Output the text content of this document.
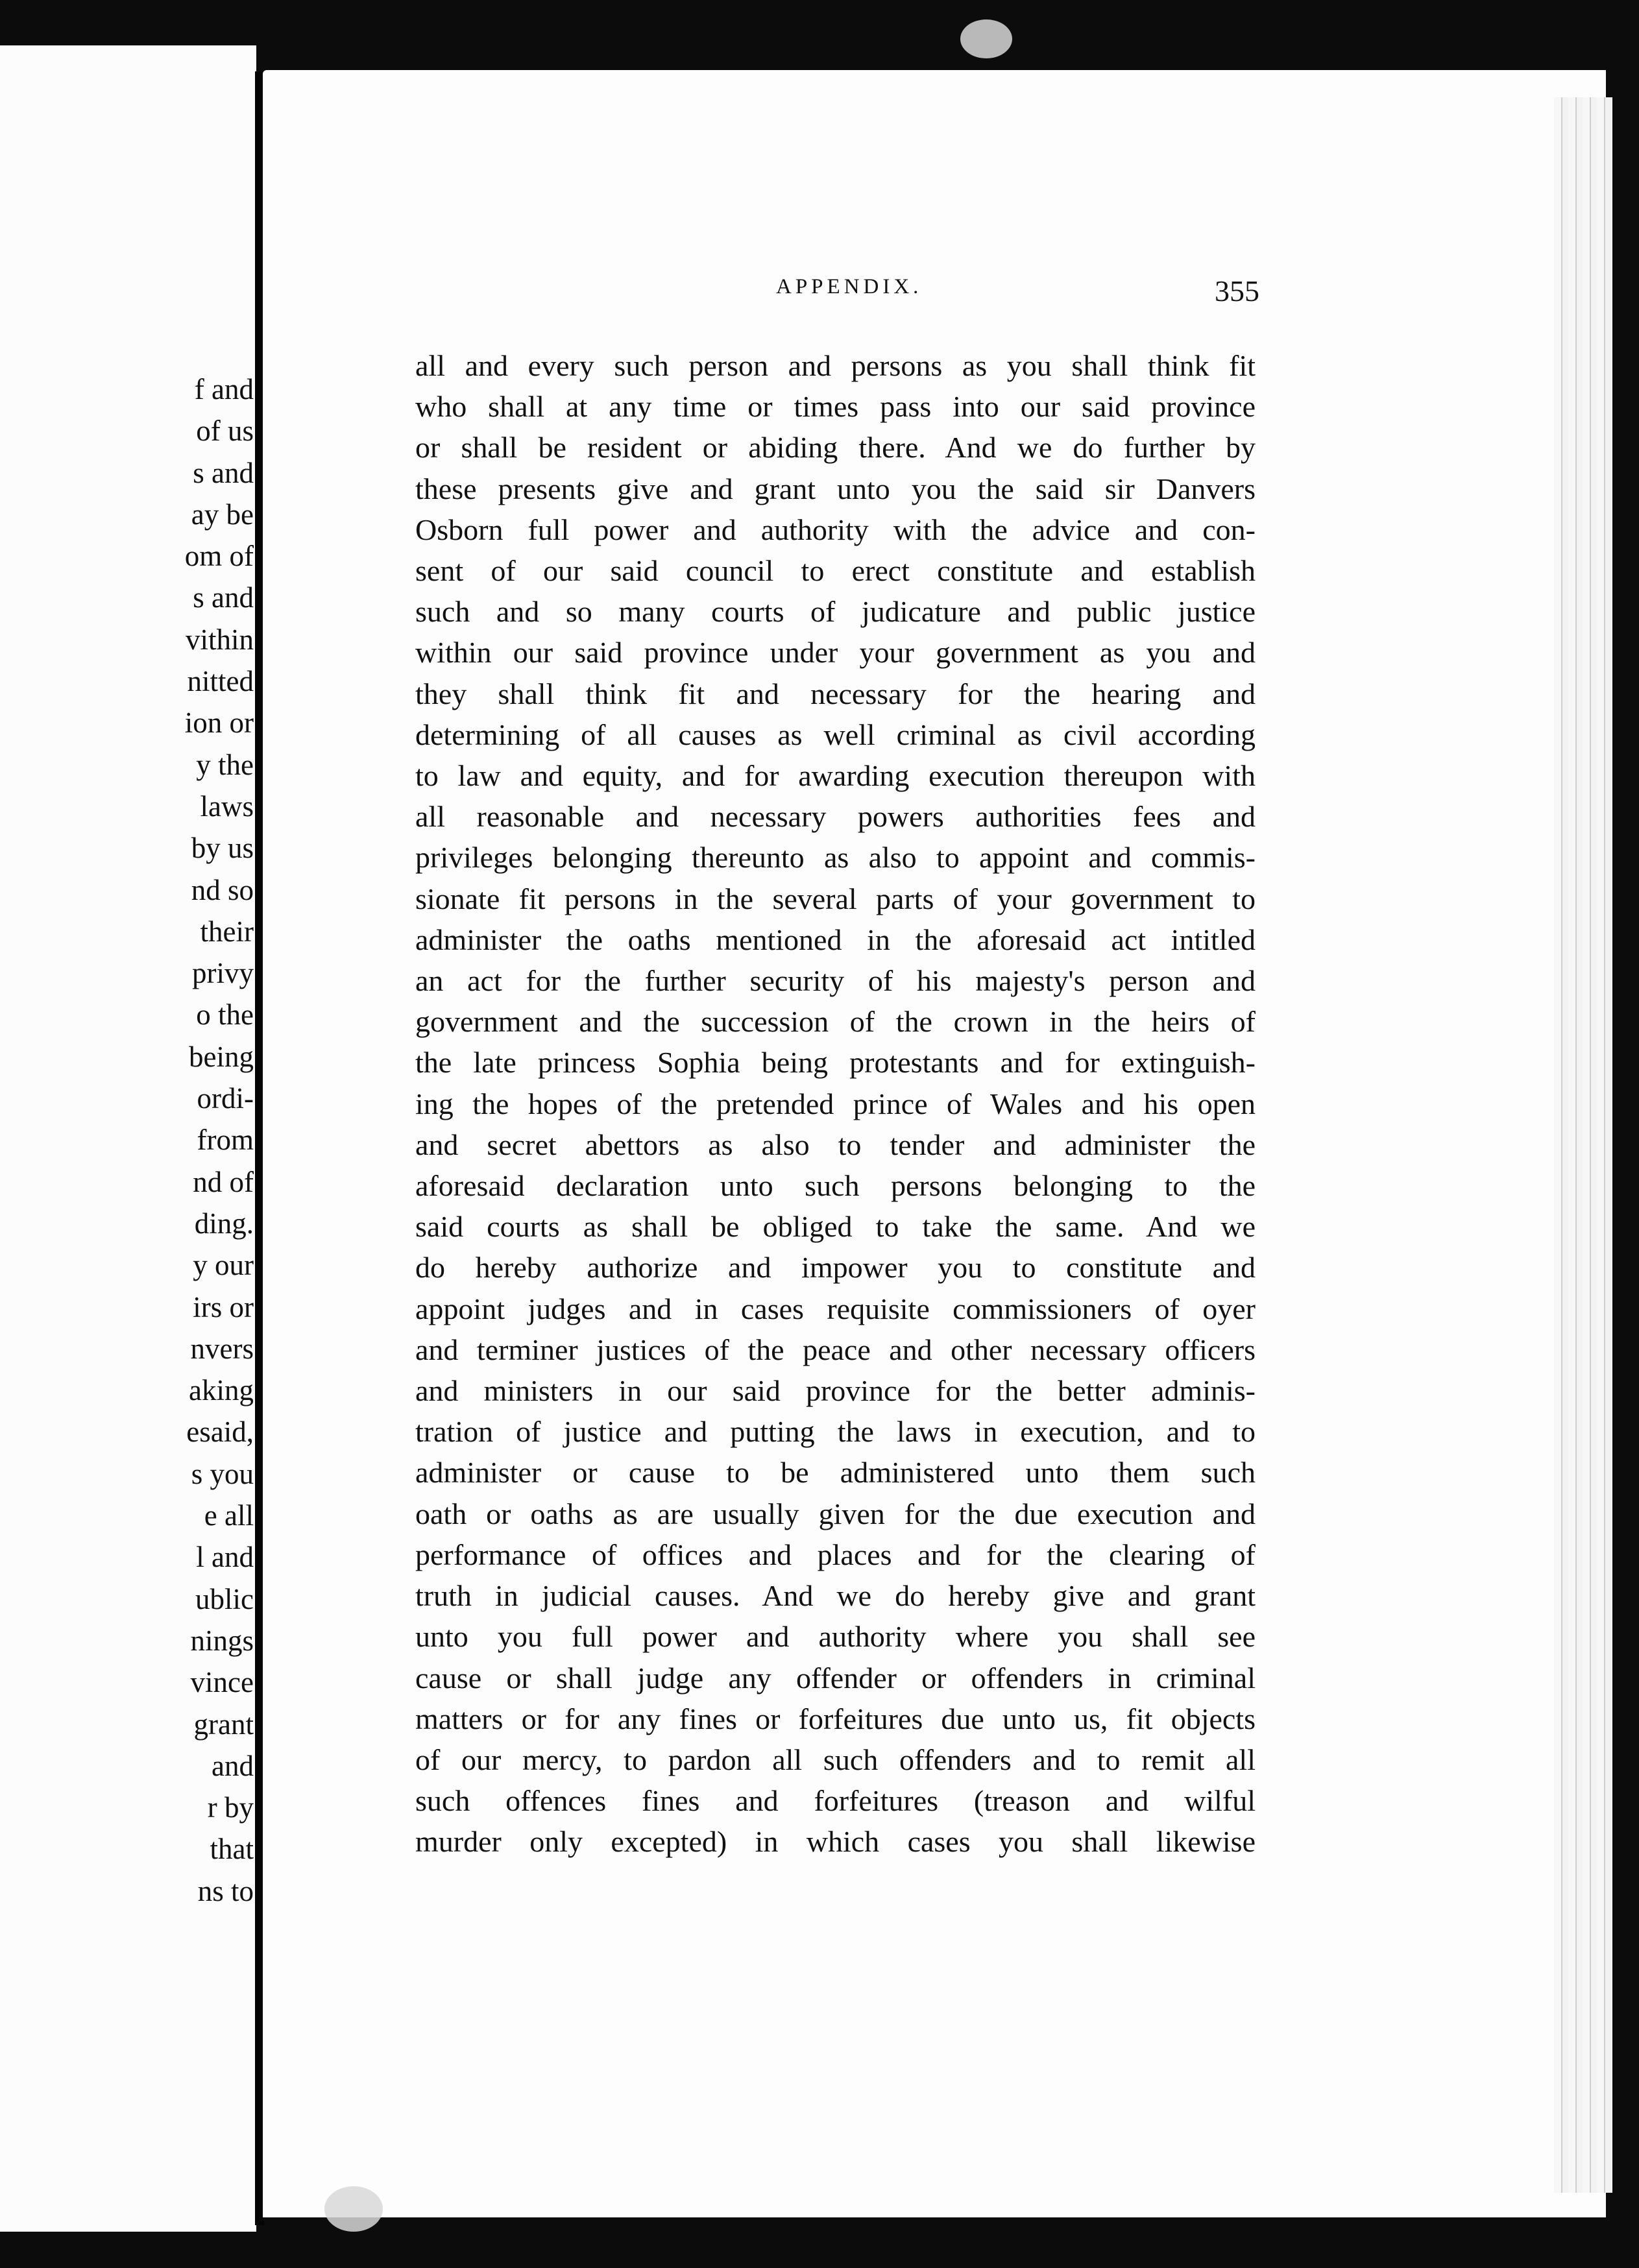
f and
of us
s and
ay be
om of
s and
vithin
nitted
ion or
y the
laws
by us
nd so
their
privy
o the
being
ordi-
from
nd of
ding.
y our
irs or
nvers
aking
esaid,
s you
e all
l and
ublic
nings
vince
grant
and
r by
that
ns to
APPENDIX.	355
all and every such person and persons as you shall think fit
who shall at any time or times pass into our said province
or shall be resident or abiding there. And we do further by
these presents give and grant unto you the said sir Danvers
Osborn full power and authority with the advice and con-
sent of our said council to erect constitute and establish
such and so many courts of judicature and public justice
within our said province under your government as you and
they shall think fit and necessary for the hearing and
determining of all causes as well criminal as civil according
to law and equity, and for awarding execution thereupon with
all reasonable and necessary powers authorities fees and
privileges belonging thereunto as also to appoint and commis-
sionate fit persons in the several parts of your government to
administer the oaths mentioned in the aforesaid act intitled
an act for the further security of his majesty's person and
government and the succession of the crown in the heirs of
the late princess Sophia being protestants and for extinguish-
ing the hopes of the pretended prince of Wales and his open
and secret abettors as also to tender and administer the
aforesaid declaration unto such persons belonging to the
said courts as shall be obliged to take the same. And we
do hereby authorize and impower you to constitute and
appoint judges and in cases requisite commissioners of oyer
and terminer justices of the peace and other necessary officers
and ministers in our said province for the better adminis-
tration of justice and putting the laws in execution, and to
administer or cause to be administered unto them such
oath or oaths as are usually given for the due execution and
performance of offices and places and for the clearing of
truth in judicial causes. And we do hereby give and grant
unto you full power and authority where you shall see
cause or shall judge any offender or offenders in criminal
matters or for any fines or forfeitures due unto us, fit objects
of our mercy, to pardon all such offenders and to remit all
such offences fines and forfeitures (treason and wilful
murder only excepted) in which cases you shall likewise
